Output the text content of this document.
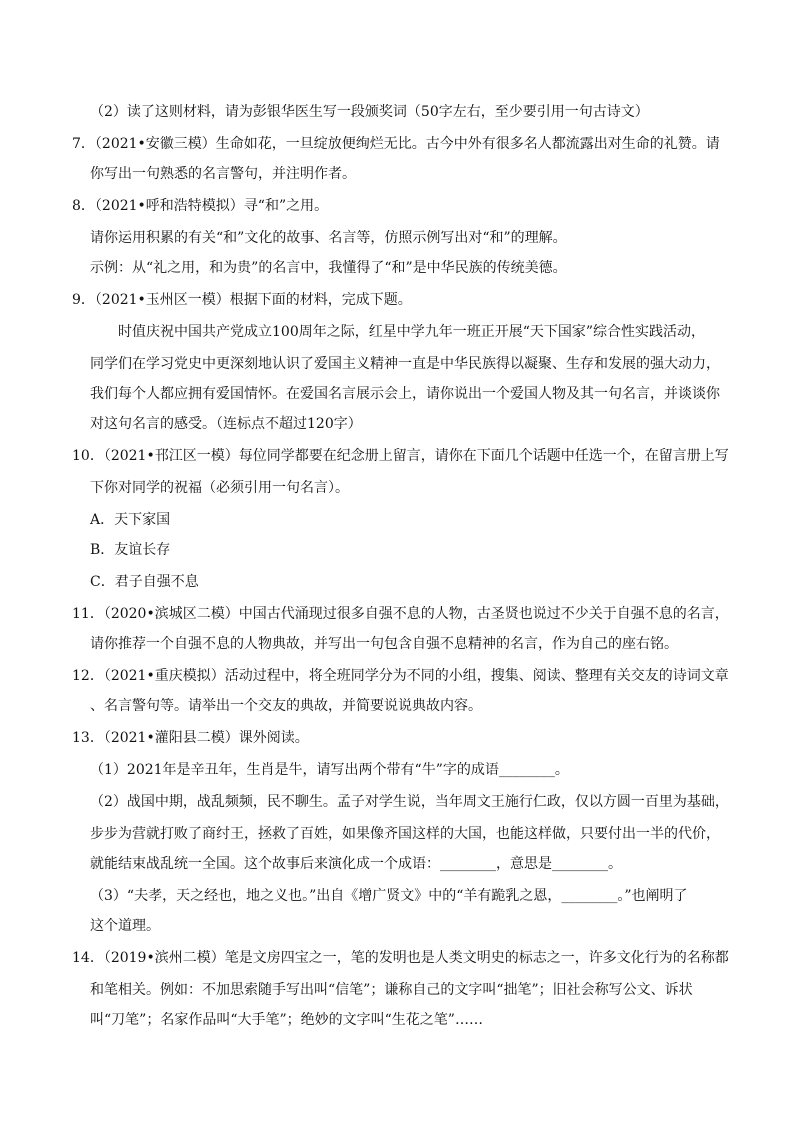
（2）读了这则材料，请为彭银华医生写一段颁奖词（50字左右，至少要引用一句古诗文）
7．（2021•安徽三模）生命如花，一旦绽放便绚烂无比。古今中外有很多名人都流露出对生命的礼赞。请
你写出一句熟悉的名言警句，并注明作者。
8．（2021•呼和浩特模拟）寻“和”之用。
请你运用积累的有关“和”文化的故事、名言等，仿照示例写出对“和”的理解。
示例：从“礼之用，和为贵”的名言中，我懂得了“和”是中华民族的传统美德。
9．（2021•玉州区一模）根据下面的材料，完成下题。
时值庆祝中国共产党成立100周年之际，红星中学九年一班正开展“天下国家”综合性实践活动，
同学们在学习党史中更深刻地认识了爱国主义精神一直是中华民族得以凝聚、生存和发展的强大动力，
我们每个人都应拥有爱国情怀。在爱国名言展示会上，请你说出一个爱国人物及其一句名言，并谈谈你
对这句名言的感受。（连标点不超过120字）
10．（2021•邗江区一模）每位同学都要在纪念册上留言，请你在下面几个话题中任选一个，在留言册上写
下你对同学的祝福（必须引用一句名言）。
A．天下家国
B．友谊长存
C．君子自强不息
11．（2020•滨城区二模）中国古代涌现过很多自强不息的人物，古圣贤也说过不少关于自强不息的名言，
请你推荐一个自强不息的人物典故，并写出一句包含自强不息精神的名言，作为自己的座右铭。
12．（2021•重庆模拟）活动过程中，将全班同学分为不同的小组，搜集、阅读、整理有关交友的诗词文章
、名言警句等。请举出一个交友的典故，并简要说说典故内容。
13．（2021•灌阳县二模）课外阅读。
（1）2021年是辛丑年，生肖是牛，请写出两个带有“牛”字的成语________。
（2）战国中期，战乱频频，民不聊生。孟子对学生说，当年周文王施行仁政，仅以方圆一百里为基础，
步步为营就打败了商纣王，拯救了百姓，如果像齐国这样的大国，也能这样做，只要付出一半的代价，
就能结束战乱统一全国。这个故事后来演化成一个成语：________，意思是________。
（3）“夫孝，天之经也，地之义也。”出自《增广贤文》中的“羊有跪乳之恩，________。”也阐明了
这个道理。
14．（2019•滨州二模）笔是文房四宝之一，笔的发明也是人类文明史的标志之一，许多文化行为的名称都
和笔相关。例如：不加思索随手写出叫“信笔”；谦称自己的文字叫“拙笔”；旧社会称写公文、诉状
叫“刀笔”；名家作品叫“大手笔”；绝妙的文字叫“生花之笔”……
